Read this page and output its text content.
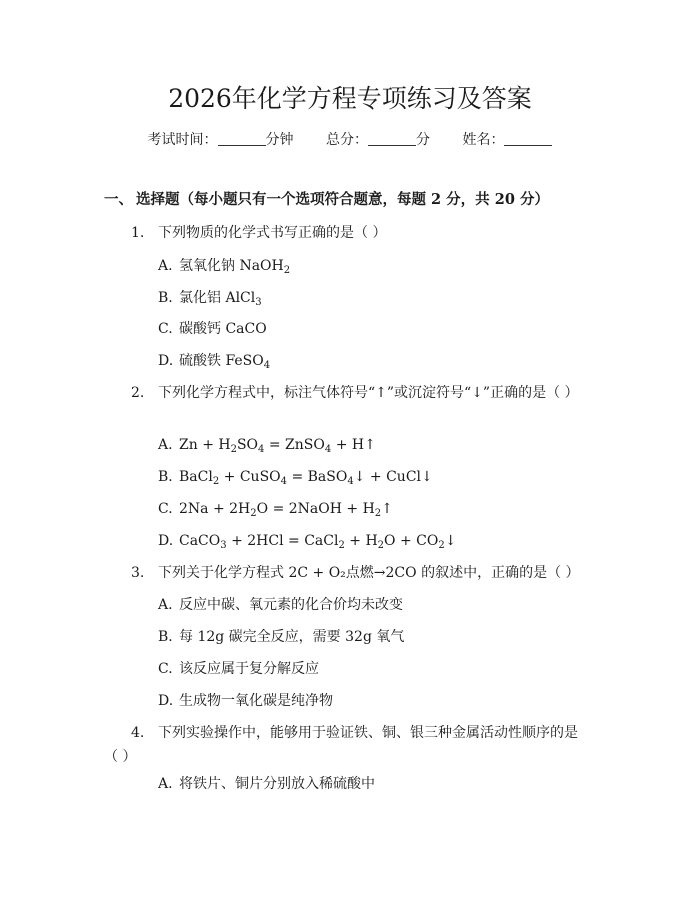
2026年化学方程专项练习及答案
考试时间：	分钟 总分：	分 姓名：
一、 选择题（每小题只有一个选项符合题意，每题 2 分，共 20 分）
1. 下列物质的化学式书写正确的是（ ）
A. 氢氧化钠 NaOH$_2$
B. 氯化铝 AlCl$_3$
C. 碳酸钙 CaCO
D. 硫酸铁 FeSO$_4$
2. 下列化学方程式中，标注气体符号“↑”或沉淀符号“↓”正确的是（ ）
A. $Zn + H_2SO_4$ = ZnSO$_4$ + H↑
B. BaCl$_2$ + CuSO$_4$ = BaSO$_4$↓ + CuCl↓
C. $2Na + 2H_2O$ = 2NaOH + $H_2↑$
D. CaCO$_3$ + 2HCl = CaCl$_2$ + $H_2O$ + $CO_2↓$
3. 下列关于化学方程式 2C + O₂点燃→2CO 的叙述中，正确的是（ ）
A. 反应中碳、氧元素的化合价均未改变
B. 每 12g 碳完全反应，需要 32g 氧气
C. 该反应属于复分解反应
D. 生成物一氧化碳是纯净物
4. 下列实验操作中，能够用于验证铁、铜、银三种金属活动性顺序的是（ ）
A. 将铁片、铜片分别放入稀硫酸中
